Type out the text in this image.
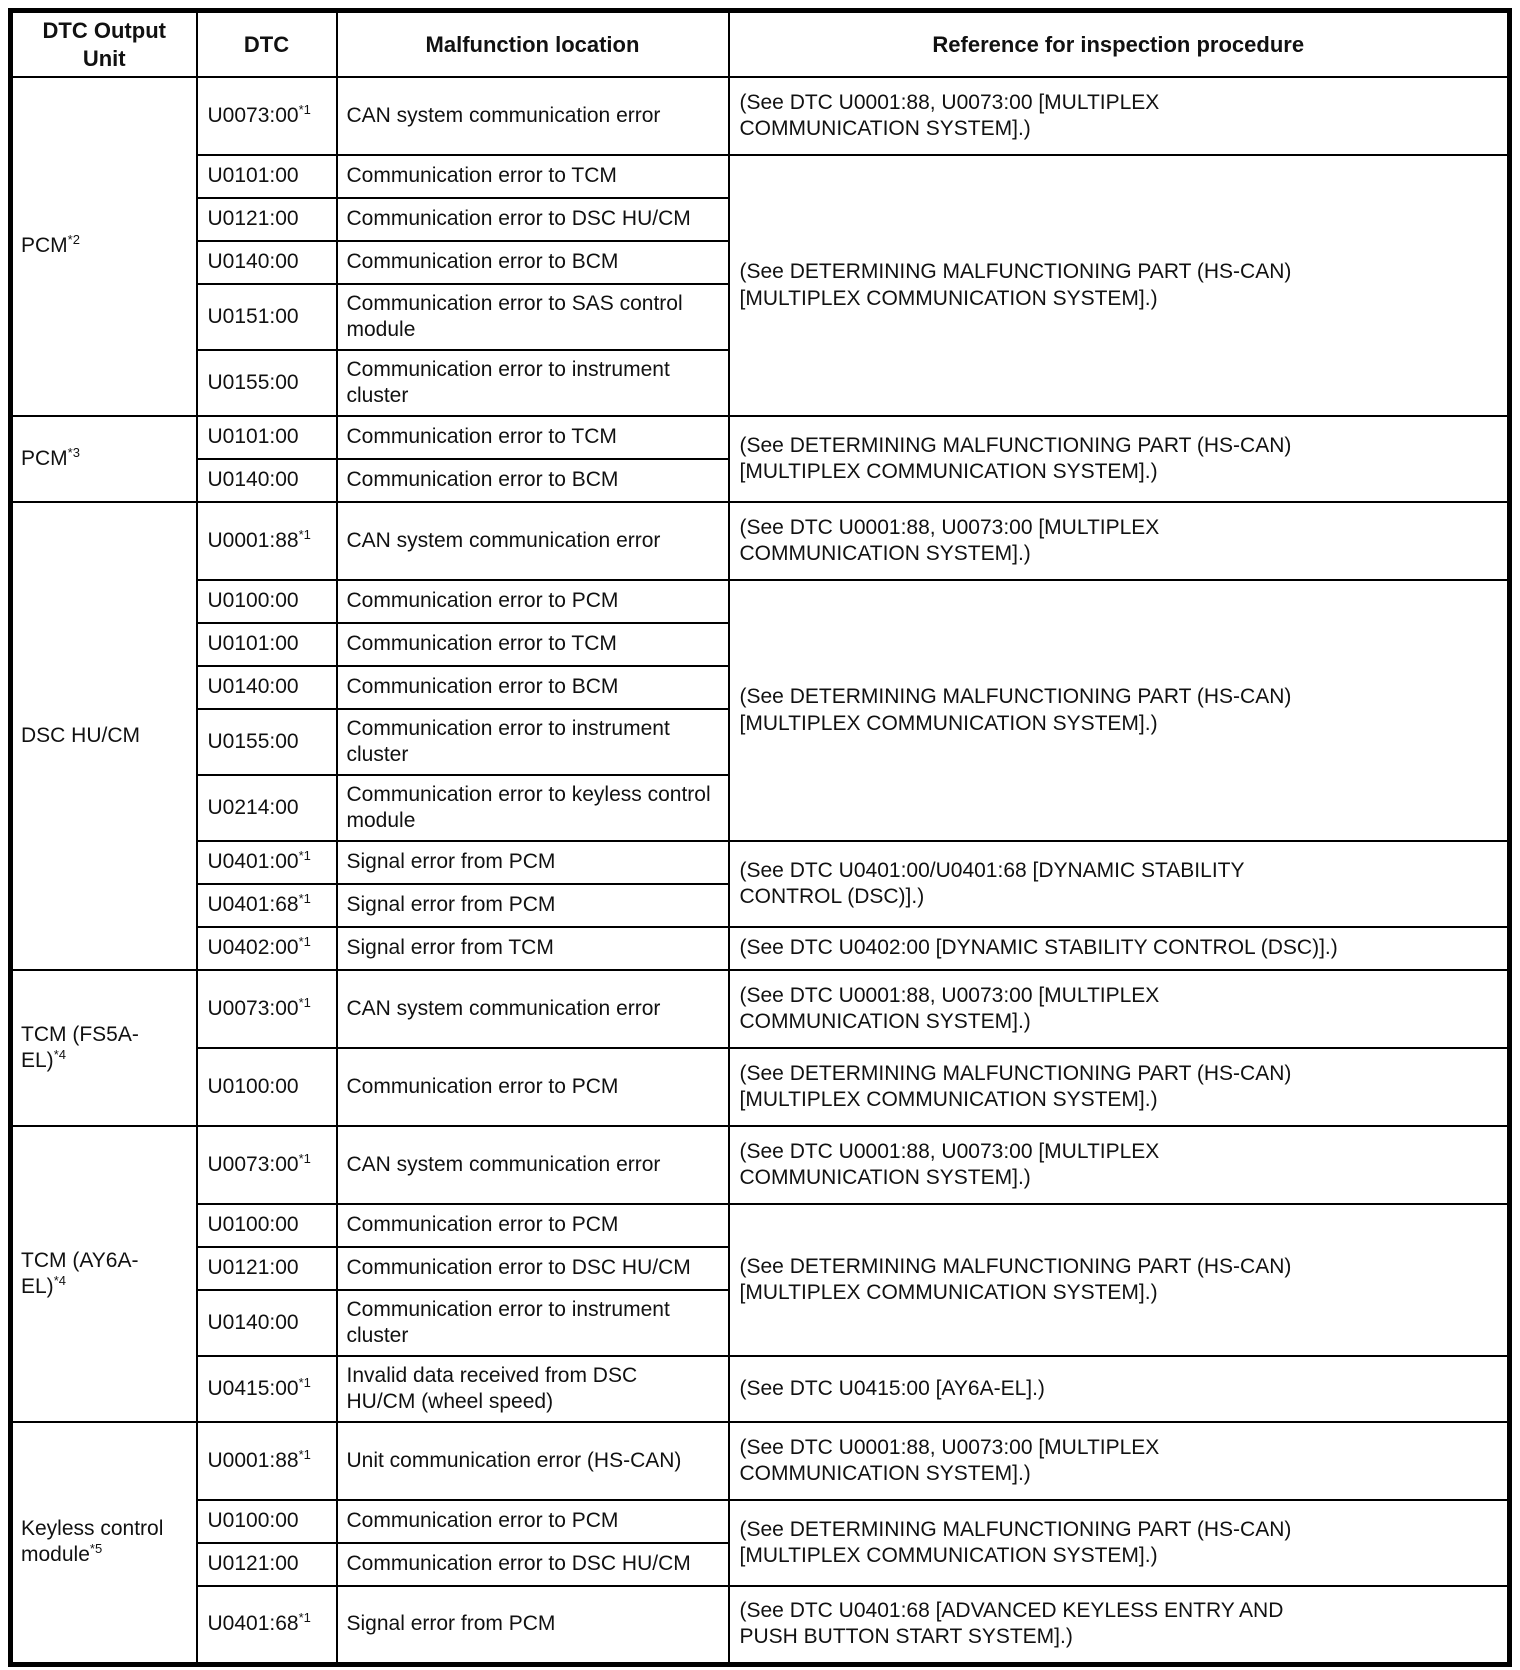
DTC Output Unit	DTC	Malfunction location	Reference for inspection procedure

PCM$^{*2}$	U0073:00$^{*1}$	CAN system communication error	(See DTC U0001:88, U0073:00 [MULTIPLEX COMMUNICATION SYSTEM].)

	U0101:00	Communication error to TCM	(See DETERMINING MALFUNCTIONING PART (HS-CAN) [MULTIPLEX COMMUNICATION SYSTEM].)

	U0121:00	Communication error to DSC HU/CM	

	U0140:00	Communication error to BCM	

	U0151:00	Communication error to SAS control module	

	U0155:00	Communication error to instrument cluster	

PCM$^{*3}$	U0101:00	Communication error to TCM	(See DETERMINING MALFUNCTIONING PART (HS-CAN) [MULTIPLEX COMMUNICATION SYSTEM].)

	U0140:00	Communication error to BCM	

DSC HU/CM	U0001:88$^{*1}$	CAN system communication error	(See DTC U0001:88, U0073:00 [MULTIPLEX COMMUNICATION SYSTEM].)

	U0100:00	Communication error to PCM	(See DETERMINING MALFUNCTIONING PART (HS-CAN) [MULTIPLEX COMMUNICATION SYSTEM].)

	U0101:00	Communication error to TCM	

	U0140:00	Communication error to BCM	

	U0155:00	Communication error to instrument cluster	

	U0214:00	Communication error to keyless control module	

	U0401:00$^{*1}$	Signal error from PCM	(See DTC U0401:00/U0401:68 [DYNAMIC STABILITY CONTROL (DSC)].)

	U0401:68$^{*1}$	Signal error from PCM	

	U0402:00$^{*1}$	Signal error from TCM	(See DTC U0402:00 [DYNAMIC STABILITY CONTROL (DSC)].)

TCM $(FS5A-EL)^{*4}$	U0073:00$^{*1}$	CAN system communication error	(See DTC U0001:88, U0073:00 [MULTIPLEX COMMUNICATION SYSTEM].)

	U0100:00	Communication error to PCM	(See DETERMINING MALFUNCTIONING PART (HS-CAN) [MULTIPLEX COMMUNICATION SYSTEM].)

TCM $(AY6A-EL)^{*4}$	U0073:00$^{*1}$	CAN system communication error	(See DTC U0001:88, U0073:00 [MULTIPLEX COMMUNICATION SYSTEM].)

	U0100:00	Communication error to PCM	(See DETERMINING MALFUNCTIONING PART (HS-CAN) [MULTIPLEX COMMUNICATION SYSTEM].)

	U0121:00	Communication error to DSC HU/CM	

	U0140:00	Communication error to instrument cluster	

	U0415:00$^{*1}$	Invalid data received from DSC HU/CM (wheel speed)	(See DTC U0415:00 [AY6A-EL].)

Keyless control module$^{*5}$	U0001:88$^{*1}$	Unit communication error (HS-CAN)	(See DTC U0001:88, U0073:00 [MULTIPLEX COMMUNICATION SYSTEM].)

	U0100:00	Communication error to PCM	(See DETERMINING MALFUNCTIONING PART (HS-CAN) [MULTIPLEX COMMUNICATION SYSTEM].)

	U0121:00	Communication error to DSC HU/CM	

	U0401:68$^{*1}$	Signal error from PCM	(See DTC U0401:68 [ADVANCED KEYLESS ENTRY AND PUSH BUTTON START SYSTEM].)
